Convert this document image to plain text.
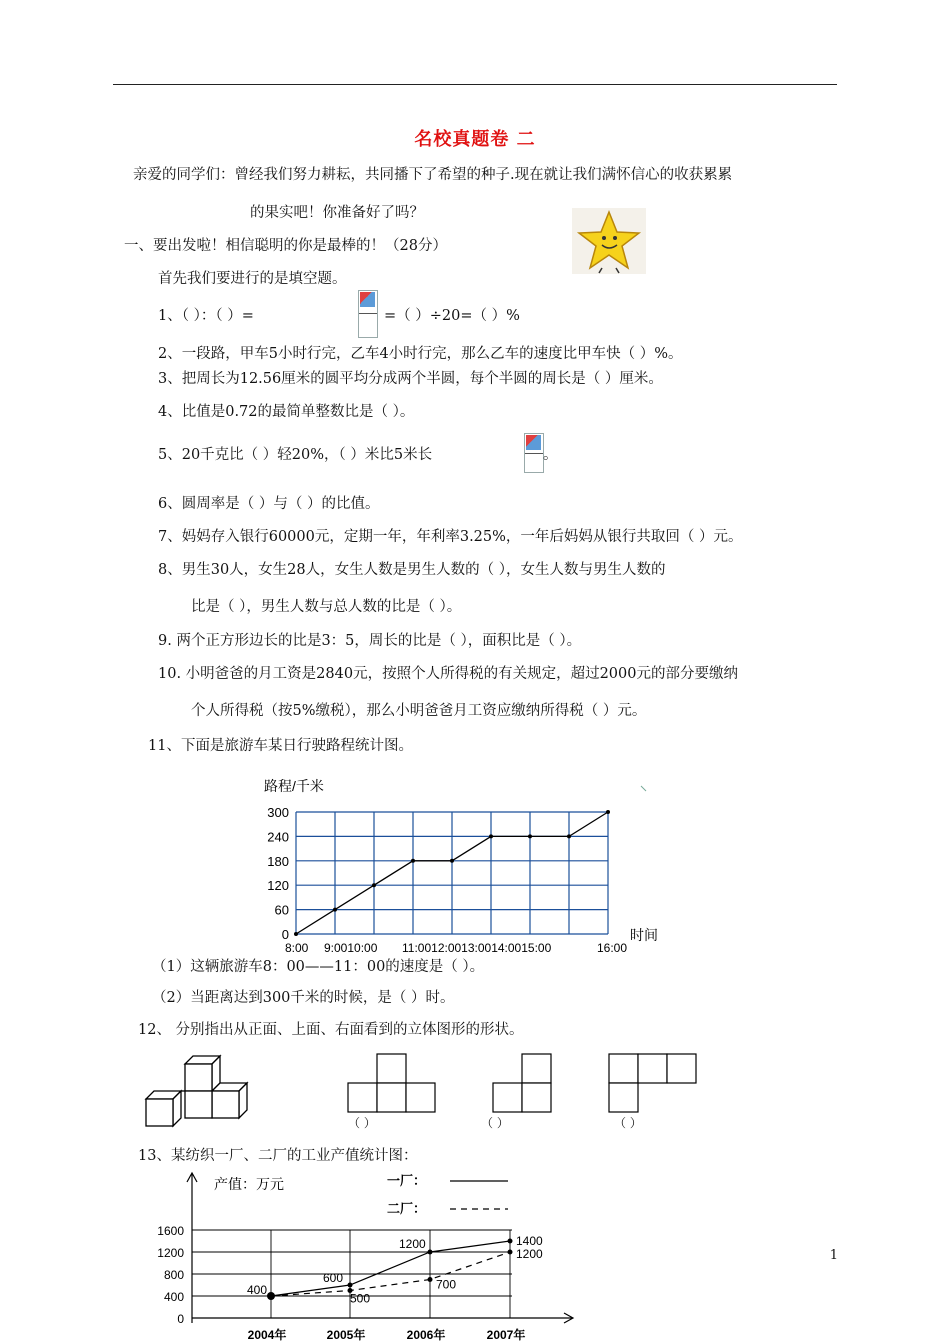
名校真题卷 二
亲爱的同学们：曾经我们努力耕耘，共同播下了希望的种子.现在就让我们满怀信心的收获累累
的果实吧！你准备好了吗？
一、要出发啦！相信聪明的你是最棒的！（28分）
首先我们要进行的是填空题。
1、（ ）：（ ）=	=（ ）÷20=（ ）%
2、一段路，甲车5小时行完，乙车4小时行完，那么乙车的速度比甲车快（ ）%。
3、把周长为12.56厘米的圆平均分成两个半圆，每个半圆的周长是（ ）厘米。
4、比值是0.72的最简单整数比是（ ）。
5、20千克比（ ）轻20%，（ ）米比5米长	。
6、圆周率是（ ）与（ ）的比值。
7、妈妈存入银行60000元，定期一年，年利率3.25%，一年后妈妈从银行共取回（ ）元。
8、男生30人，女生28人，女生人数是男生人数的（ ），女生人数与男生人数的
比是（ ），男生人数与总人数的比是（ ）。
9. 两个正方形边长的比是3：5，周长的比是（ ），面积比是（ ）。
10. 小明爸爸的月工资是2840元，按照个人所得税的有关规定，超过2000元的部分要缴纳
个人所得税（按5%缴税），那么小明爸爸月工资应缴纳所得税（ ）元。
11、下面是旅游车某日行驶路程统计图。
路程/千米
0
60
120
180
240
300
8:00 9:0010:00 11:0012:0013:0014:0015:00	16:00
时间
（1）这辆旅游车8：00——11：00的速度是（ ）。
（2）当距离达到300千米的时候，是（ ）时。
12、 分别指出从正面、上面、右面看到的立体图形的形状。
（ ）	（ ）	（ ）
13、某纺织一厂、二厂的工业产值统计图：
产值：万元	一厂：
二厂：
0
400
800
1200
1600
2004年	2005年	2006年	2007年
400
600
500
1200
700
1400
1200	1
